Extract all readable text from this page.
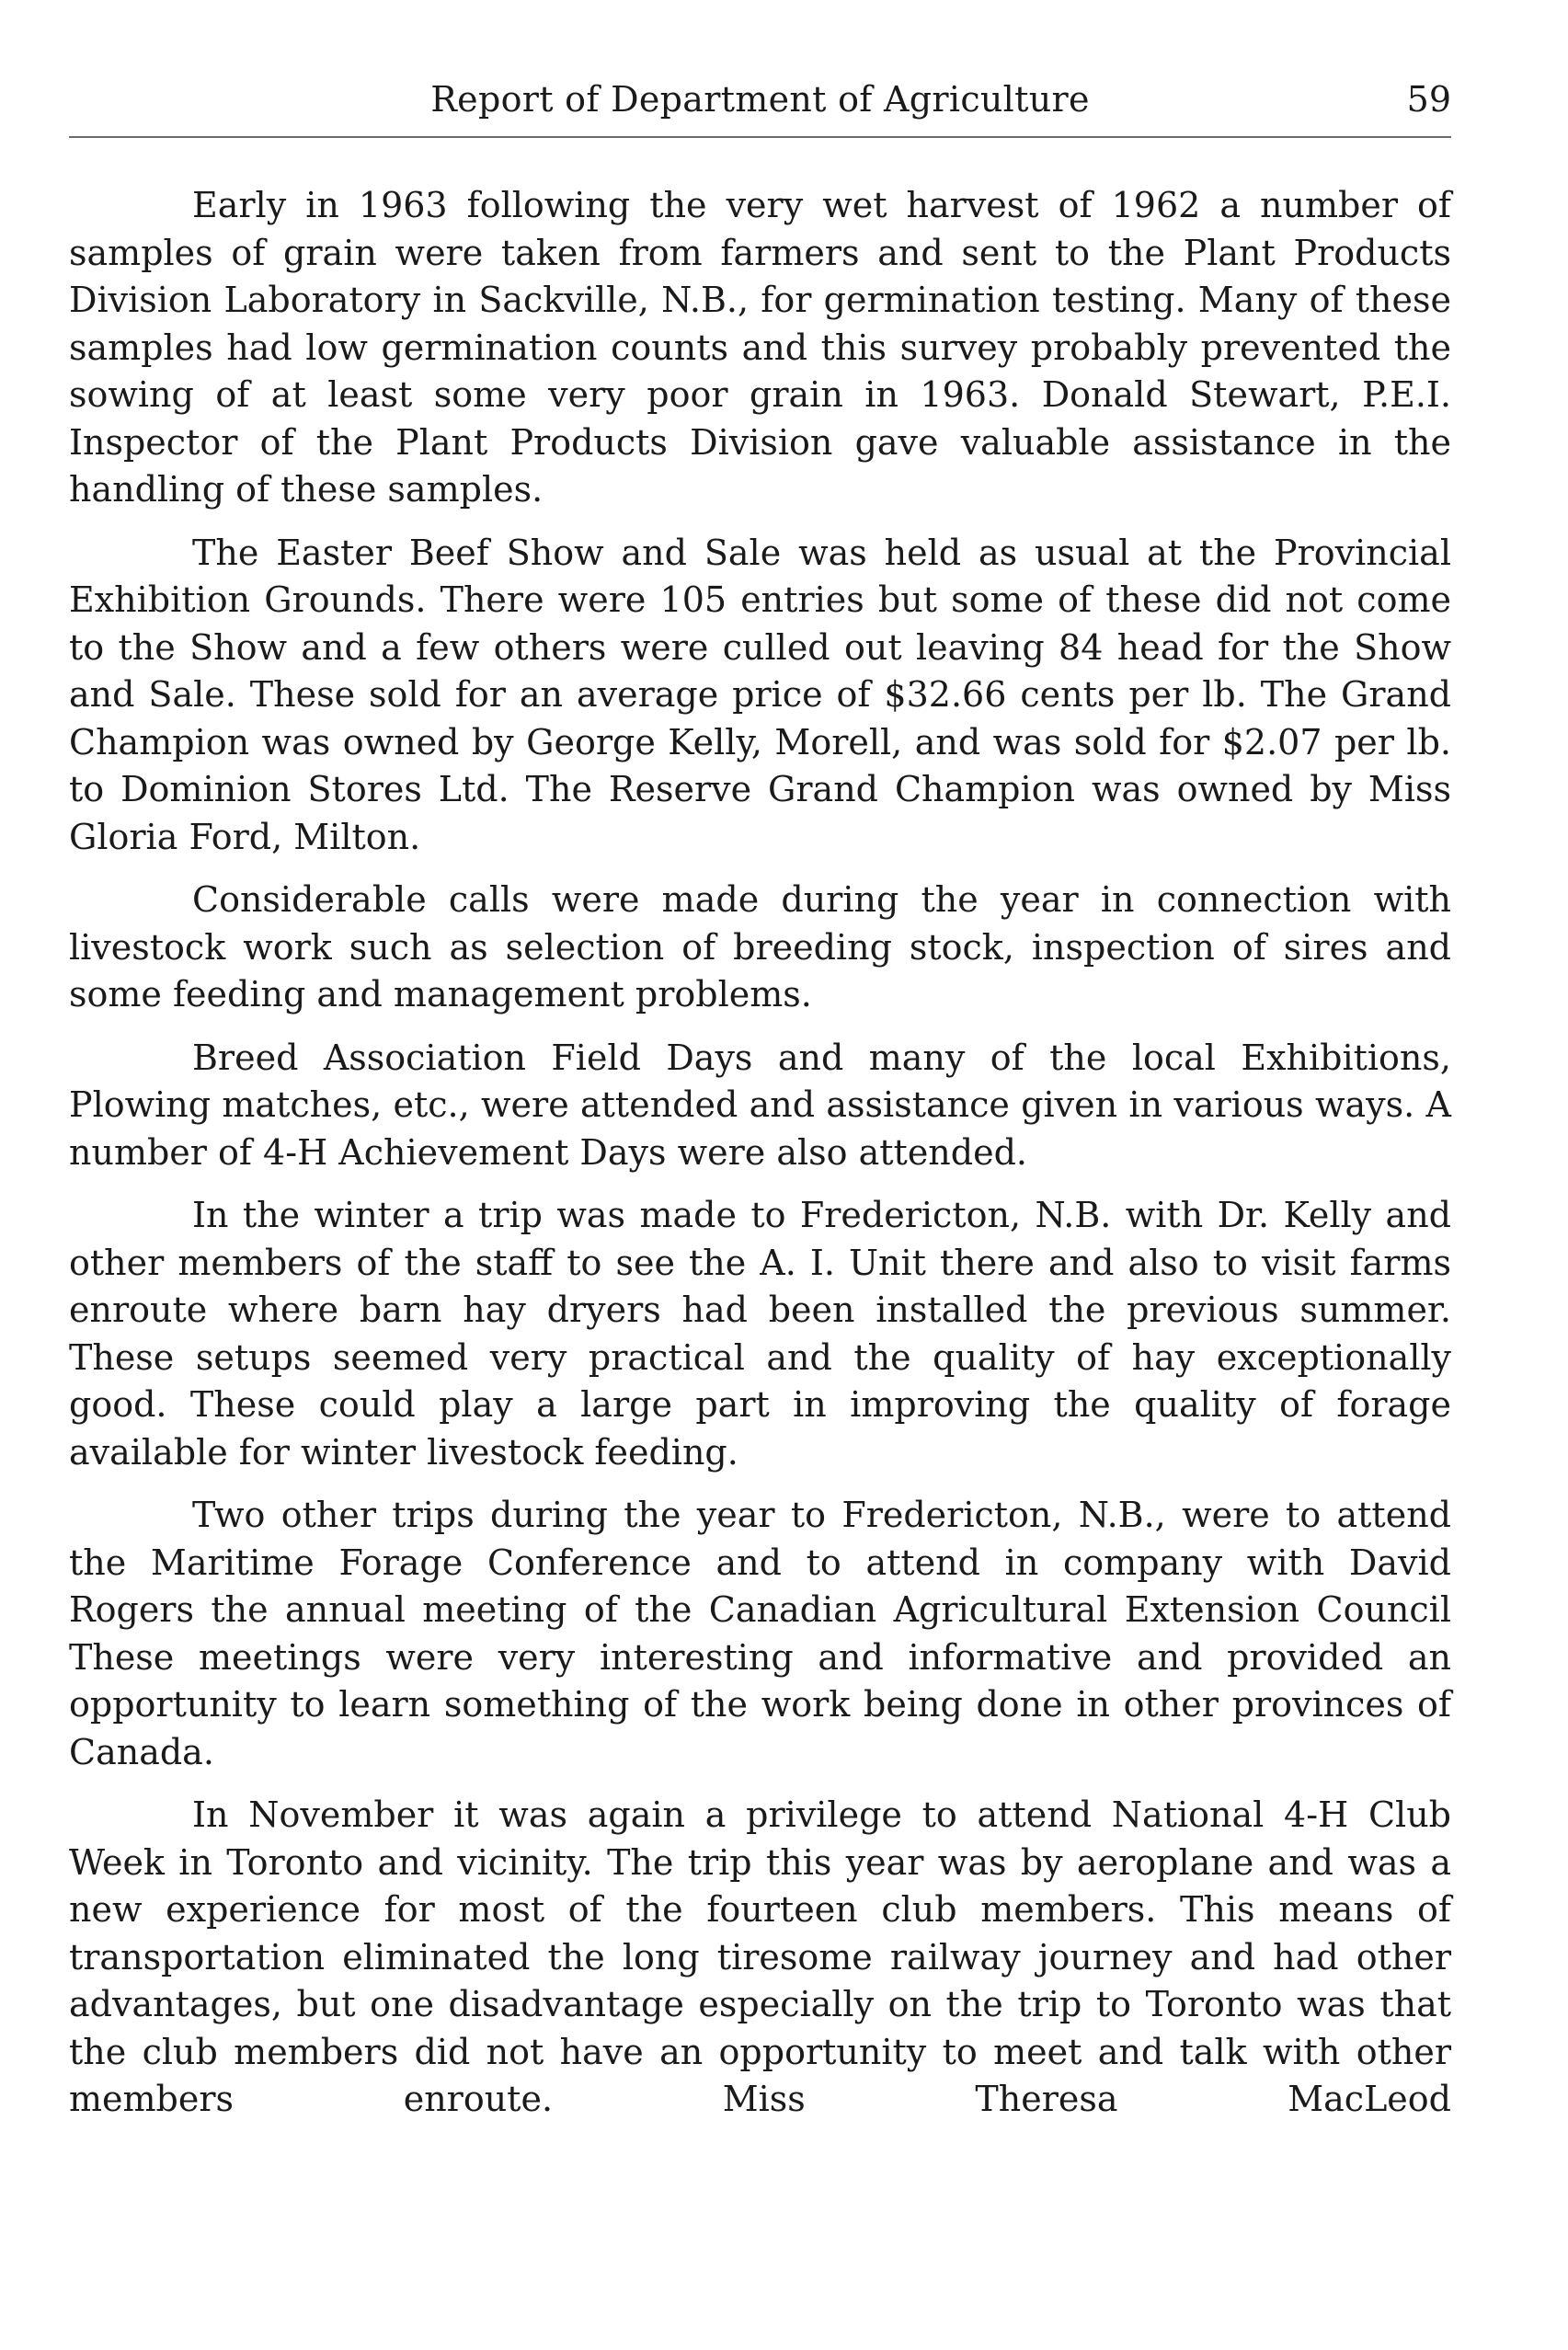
Report of Department of Agriculture	59

Early in 1963 following the very wet harvest of 1962 a number of samples of grain were taken from farmers and sent to the Plant Products Division Laboratory in Sackville, N.B., for germination testing. Many of these samples had low germination counts and this survey probably prevented the sowing of at least some very poor grain in 1963. Donald Stewart, P.E.I. Inspector of the Plant Products Division gave valuable assistance in the handling of these samples.

The Easter Beef Show and Sale was held as usual at the Provincial Exhibition Grounds. There were 105 entries but some of these did not come to the Show and a few others were culled out leaving 84 head for the Show and Sale. These sold for an average price of $32.66 cents per lb. The Grand Champion was owned by George Kelly, Morell, and was sold for $2.07 per lb. to Dominion Stores Ltd. The Reserve Grand Champion was owned by Miss Gloria Ford, Milton.

Considerable calls were made during the year in connection with livestock work such as selection of breeding stock, inspection of sires and some feeding and management problems.

Breed Association Field Days and many of the local Exhibitions, Plowing matches, etc., were attended and assistance given in various ways. A number of 4-H Achievement Days were also attended.

In the winter a trip was made to Fredericton, N.B. with Dr. Kelly and other members of the staff to see the A. I. Unit there and also to visit farms enroute where barn hay dryers had been installed the previous summer. These setups seemed very practical and the quality of hay exceptionally good. These could play a large part in improving the quality of forage available for winter livestock feeding.

Two other trips during the year to Fredericton, N.B., were to attend the Maritime Forage Conference and to attend in company with David Rogers the annual meeting of the Canadian Agricultural Extension Council These meetings were very interesting and informative and provided an opportunity to learn something of the work being done in other provinces of Canada.

In November it was again a privilege to attend National 4-H Club Week in Toronto and vicinity. The trip this year was by aeroplane and was a new experience for most of the fourteen club members. This means of transportation eliminated the long tiresome railway journey and had other advantages, but one disadvantage especially on the trip to Toronto was that the club members did not have an opportunity to meet and talk with other members enroute. Miss Theresa MacLeod
